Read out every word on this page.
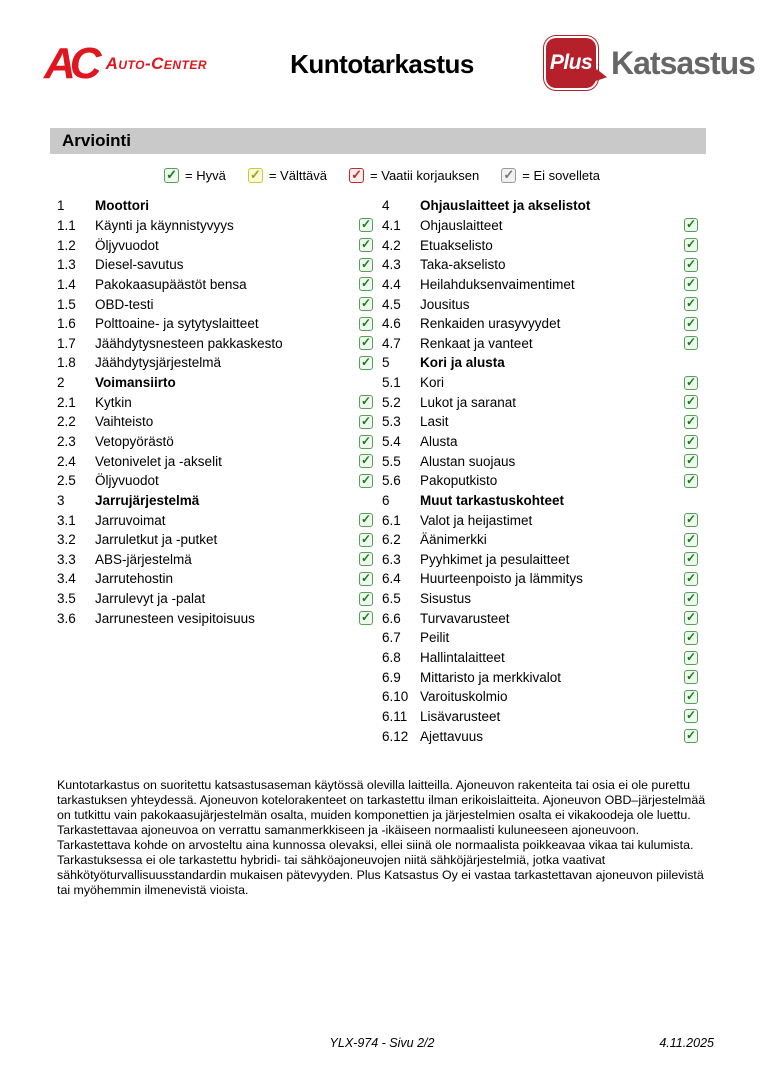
AC Auto-Center	Kuntotarkastus	Plus Katsastus
Arviointi
✓ = Hyvä ✓ = Välttävä ✓ = Vaatii korjauksen ✓ = Ei sovelleta
1	Moottori
1.1	Käynti ja käynnistyvyys	✓
1.2	Öljyvuodot	✓
1.3	Diesel-savutus	✓
1.4	Pakokaasupäästöt bensa	✓
1.5	OBD-testi	✓
1.6	Polttoaine- ja sytytyslaitteet	✓
1.7	Jäähdytysnesteen pakkaskesto	✓
1.8	Jäähdytysjärjestelmä	✓
2	Voimansiirto
2.1	Kytkin	✓
2.2	Vaihteisto	✓
2.3	Vetopyörästö	✓
2.4	Vetonivelet ja -akselit	✓
2.5	Öljyvuodot	✓
3	Jarrujärjestelmä
3.1	Jarruvoimat	✓
3.2	Jarruletkut ja -putket	✓
3.3	ABS-järjestelmä	✓
3.4	Jarrutehostin	✓
3.5	Jarrulevyt ja -palat	✓
3.6	Jarrunesteen vesipitoisuus	✓
4	Ohjauslaitteet ja akselistot
4.1	Ohjauslaitteet	✓
4.2	Etuakselisto	✓
4.3	Taka-akselisto	✓
4.4	Heilahduksenvaimentimet	✓
4.5	Jousitus	✓
4.6	Renkaiden urasyvyydet	✓
4.7	Renkaat ja vanteet	✓
5	Kori ja alusta
5.1	Kori	✓
5.2	Lukot ja saranat	✓
5.3	Lasit	✓
5.4	Alusta	✓
5.5	Alustan suojaus	✓
5.6	Pakoputkisto	✓
6	Muut tarkastuskohteet
6.1	Valot ja heijastimet	✓
6.2	Äänimerkki	✓
6.3	Pyyhkimet ja pesulaitteet	✓
6.4	Huurteenpoisto ja lämmitys	✓
6.5	Sisustus	✓
6.6	Turvavarusteet	✓
6.7	Peilit	✓
6.8	Hallintalaitteet	✓
6.9	Mittaristo ja merkkivalot	✓
6.10 Varoituskolmio	✓
6.11 Lisävarusteet	✓
6.12 Ajettavuus	✓
Kuntotarkastus on suoritettu katsastusaseman käytössä olevilla laitteilla. Ajoneuvon rakenteita tai osia ei ole purettu tarkastuksen yhteydessä. Ajoneuvon kotelorakenteet on tarkastettu ilman erikoislaitteita. Ajoneuvon OBD–järjestelmää on tutkittu vain pakokaasujärjestelmän osalta, muiden komponettien ja järjestelmien osalta ei vikakoodeja ole luettu. Tarkastettavaa ajoneuvoa on verrattu samanmerkkiseen ja -ikäiseen normaalisti kuluneeseen ajoneuvoon. Tarkastettava kohde on arvosteltu aina kunnossa olevaksi, ellei siinä ole normaalista poikkeavaa vikaa tai kulumista. Tarkastuksessa ei ole tarkastettu hybridi- tai sähköajoneuvojen niitä sähköjärjestelmiä, jotka vaativat sähkötyöturvallisuusstandardin mukaisen pätevyyden. Plus Katsastus Oy ei vastaa tarkastettavan ajoneuvon piilevistä tai myöhemmin ilmenevistä vioista.
YLX-974 - Sivu 2/2	4.11.2025
